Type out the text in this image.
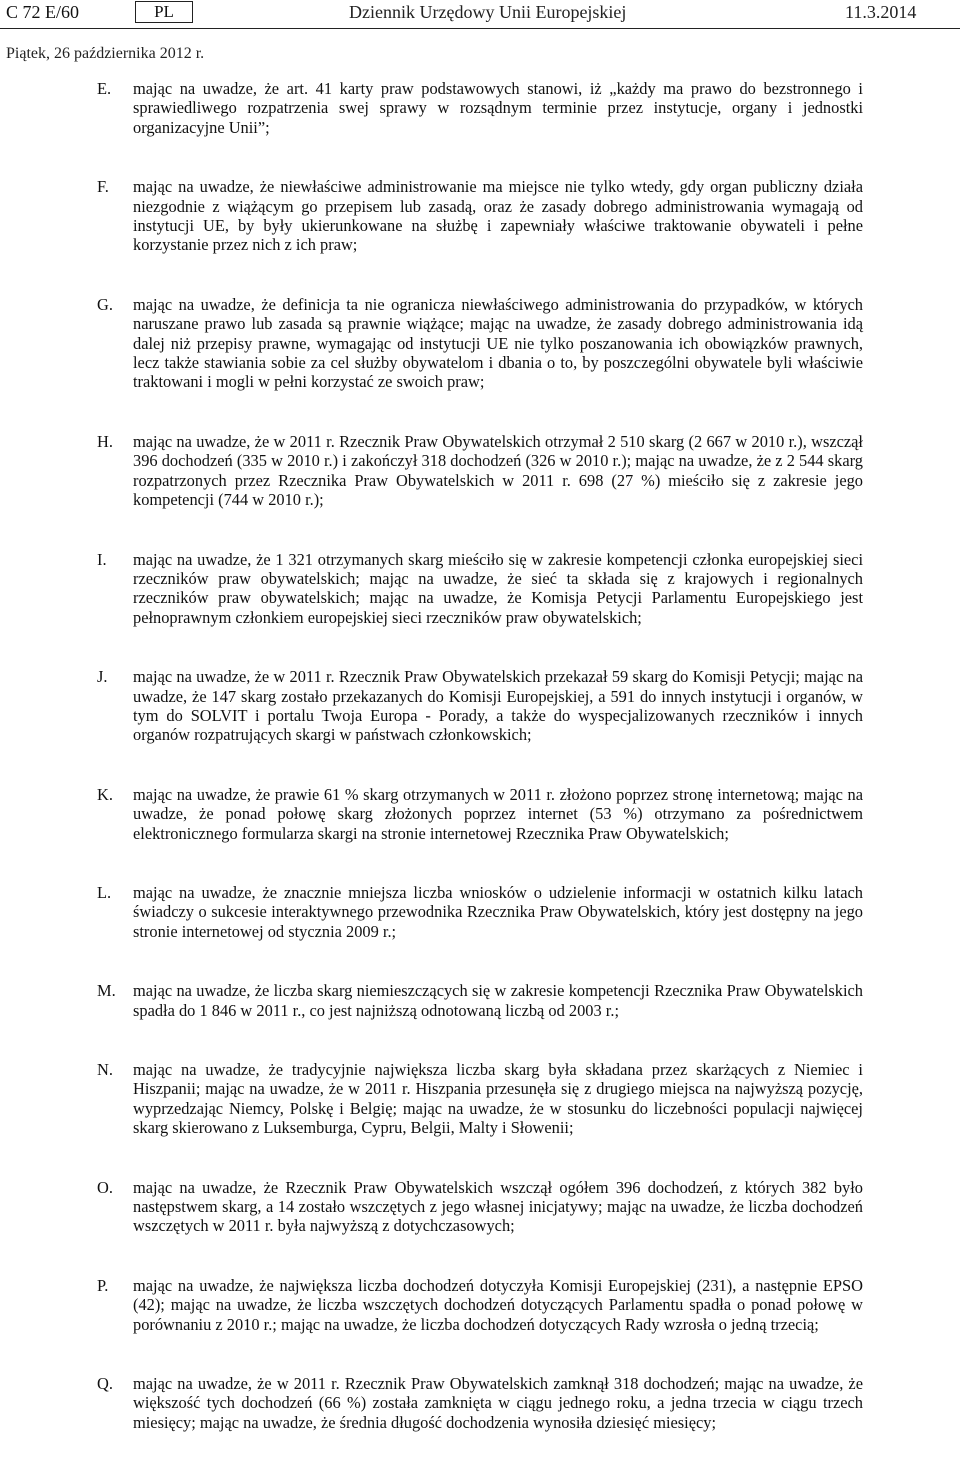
C 72 E/60	PL	Dziennik Urzędowy Unii Europejskiej	11.3.2014
Piątek, 26 października 2012 r.
E. mając na uwadze, że art. 41 karty praw podstawowych stanowi, iż „każdy ma prawo do bezstronnego i sprawiedliwego rozpatrzenia swej sprawy w rozsądnym terminie przez instytucje, organy i jednostki organizacyjne Unii”;
F. mając na uwadze, że niewłaściwe administrowanie ma miejsce nie tylko wtedy, gdy organ publiczny działa niezgodnie z wiążącym go przepisem lub zasadą, oraz że zasady dobrego administrowania wymagają od instytucji UE, by były ukierunkowane na służbę i zapewniały właściwe traktowanie obywateli i pełne korzystanie przez nich z ich praw;
G. mając na uwadze, że definicja ta nie ogranicza niewłaściwego administrowania do przypadków, w których naruszane prawo lub zasada są prawnie wiążące; mając na uwadze, że zasady dobrego administrowania idą dalej niż przepisy prawne, wymagając od instytucji UE nie tylko poszanowania ich obowiązków prawnych, lecz także stawiania sobie za cel służby obywatelom i dbania o to, by poszczególni obywatele byli właściwie traktowani i mogli w pełni korzystać ze swoich praw;
H. mając na uwadze, że w 2011 r. Rzecznik Praw Obywatelskich otrzymał 2 510 skarg (2 667 w 2010 r.), wszczął 396 dochodzeń (335 w 2010 r.) i zakończył 318 dochodzeń (326 w 2010 r.); mając na uwadze, że z 2 544 skarg rozpatrzonych przez Rzecznika Praw Obywatelskich w 2011 r. 698 (27 %) mieściło się z zakresie jego kompetencji (744 w 2010 r.);
I. mając na uwadze, że 1 321 otrzymanych skarg mieściło się w zakresie kompetencji członka europejskiej sieci rzeczników praw obywatelskich; mając na uwadze, że sieć ta składa się z krajowych i regionalnych rzeczników praw obywatelskich; mając na uwadze, że Komisja Petycji Parlamentu Europejskiego jest pełnoprawnym członkiem europejskiej sieci rzeczników praw obywatelskich;
J. mając na uwadze, że w 2011 r. Rzecznik Praw Obywatelskich przekazał 59 skarg do Komisji Petycji; mając na uwadze, że 147 skarg zostało przekazanych do Komisji Europejskiej, a 591 do innych instytucji i organów, w tym do SOLVIT i portalu Twoja Europa - Porady, a także do wyspecjalizowanych rzeczników i innych organów rozpatrujących skargi w państwach członkowskich;
K. mając na uwadze, że prawie 61 % skarg otrzymanych w 2011 r. złożono poprzez stronę internetową; mając na uwadze, że ponad połowę skarg złożonych poprzez internet (53 %) otrzymano za pośrednictwem elektronicznego formularza skargi na stronie internetowej Rzecznika Praw Obywatelskich;
L. mając na uwadze, że znacznie mniejsza liczba wniosków o udzielenie informacji w ostatnich kilku latach świadczy o sukcesie interaktywnego przewodnika Rzecznika Praw Obywatelskich, który jest dostępny na jego stronie internetowej od stycznia 2009 r.;
M. mając na uwadze, że liczba skarg niemieszczących się w zakresie kompetencji Rzecznika Praw Obywatelskich spadła do 1 846 w 2011 r., co jest najniższą odnotowaną liczbą od 2003 r.;
N. mając na uwadze, że tradycyjnie największa liczba skarg była składana przez skarżących z Niemiec i Hiszpanii; mając na uwadze, że w 2011 r. Hiszpania przesunęła się z drugiego miejsca na najwyższą pozycję, wyprzedzając Niemcy, Polskę i Belgię; mając na uwadze, że w stosunku do liczebności populacji najwięcej skarg skierowano z Luksemburga, Cypru, Belgii, Malty i Słowenii;
O. mając na uwadze, że Rzecznik Praw Obywatelskich wszczął ogółem 396 dochodzeń, z których 382 było następstwem skarg, a 14 zostało wszczętych z jego własnej inicjatywy; mając na uwadze, że liczba dochodzeń wszczętych w 2011 r. była najwyższą z dotychczasowych;
P. mając na uwadze, że największa liczba dochodzeń dotyczyła Komisji Europejskiej (231), a następnie EPSO (42); mając na uwadze, że liczba wszczętych dochodzeń dotyczących Parlamentu spadła o ponad połowę w porównaniu z 2010 r.; mając na uwadze, że liczba dochodzeń dotyczących Rady wzrosła o jedną trzecią;
Q. mając na uwadze, że w 2011 r. Rzecznik Praw Obywatelskich zamknął 318 dochodzeń; mając na uwadze, że większość tych dochodzeń (66 %) została zamknięta w ciągu jednego roku, a jedna trzecia w ciągu trzech miesięcy; mając na uwadze, że średnia długość dochodzenia wynosiła dziesięć miesięcy;
